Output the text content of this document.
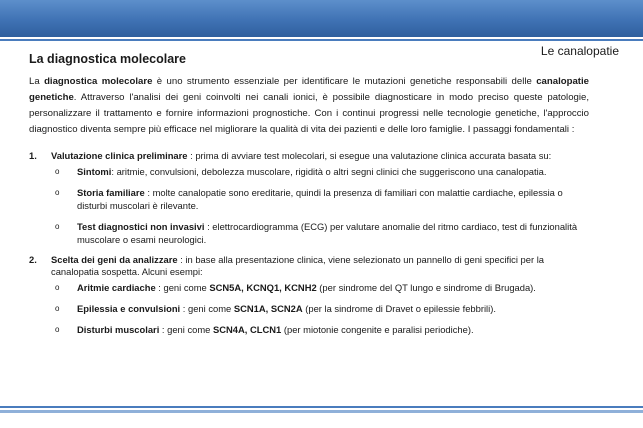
Le canalopatie
La diagnostica molecolare

La diagnostica molecolare è uno strumento essenziale per identificare le mutazioni genetiche responsabili delle canalopatie genetiche. Attraverso l'analisi dei geni coinvolti nei canali ionici, è possibile diagnosticare in modo preciso queste patologie, personalizzare il trattamento e fornire informazioni prognostiche. Con i continui progressi nelle tecnologie genetiche, l'approccio diagnostico diventa sempre più efficace nel migliorare la qualità di vita dei pazienti e delle loro famiglie. I passaggi fondamentali :

1. Valutazione clinica preliminare : prima di avviare test molecolari, si esegue una valutazione clinica accurata basata su:
o Sintomi: aritmie, convulsioni, debolezza muscolare, rigidità o altri segni clinici che suggeriscono una canalopatia.
o Storia familiare : molte canalopatie sono ereditarie, quindi la presenza di familiari con malattie cardiache, epilessia o disturbi muscolari è rilevante.
o Test diagnostici non invasivi : elettrocardiogramma (ECG) per valutare anomalie del ritmo cardiaco, test di funzionalità muscolare o esami neurologici.
2. Scelta dei geni da analizzare : in base alla presentazione clinica, viene selezionato un pannello di geni specifici per la canalopatia sospetta. Alcuni esempi:
o Aritmie cardiache : geni come SCN5A, KCNQ1, KCNH2 (per sindrome del QT lungo e sindrome di Brugada).
o Epilessia e convulsioni : geni come SCN1A, SCN2A (per la sindrome di Dravet o epilessie febbrili).
o Disturbi muscolari : geni come SCN4A, CLCN1 (per miotonie congenite e paralisi periodiche).
